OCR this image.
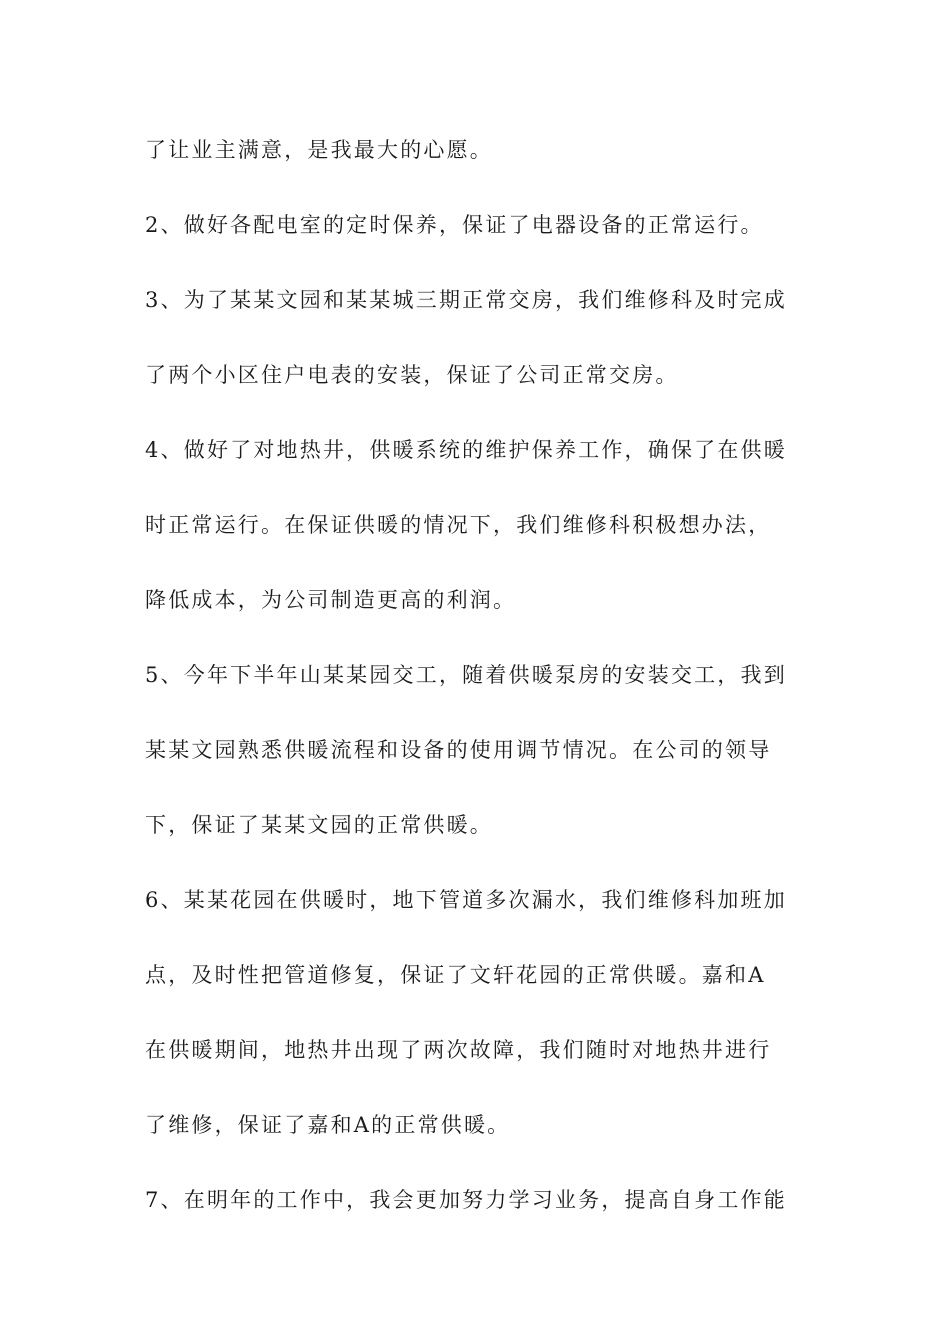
了让业主满意，是我最大的心愿。
2、做好各配电室的定时保养，保证了电器设备的正常运行。
3、为了某某文园和某某城三期正常交房，我们维修科及时完成
了两个小区住户电表的安装，保证了公司正常交房。
4、做好了对地热井，供暖系统的维护保养工作，确保了在供暖
时正常运行。在保证供暖的情况下，我们维修科积极想办法，
降低成本，为公司制造更高的利润。
5、今年下半年山某某园交工，随着供暖泵房的安装交工，我到
某某文园熟悉供暖流程和设备的使用调节情况。在公司的领导
下，保证了某某文园的正常供暖。
6、某某花园在供暖时，地下管道多次漏水，我们维修科加班加
点，及时性把管道修复，保证了文轩花园的正常供暖。嘉和A
在供暖期间，地热井出现了两次故障，我们随时对地热井进行
了维修，保证了嘉和A的正常供暖。
7、在明年的工作中，我会更加努力学习业务，提高自身工作能
